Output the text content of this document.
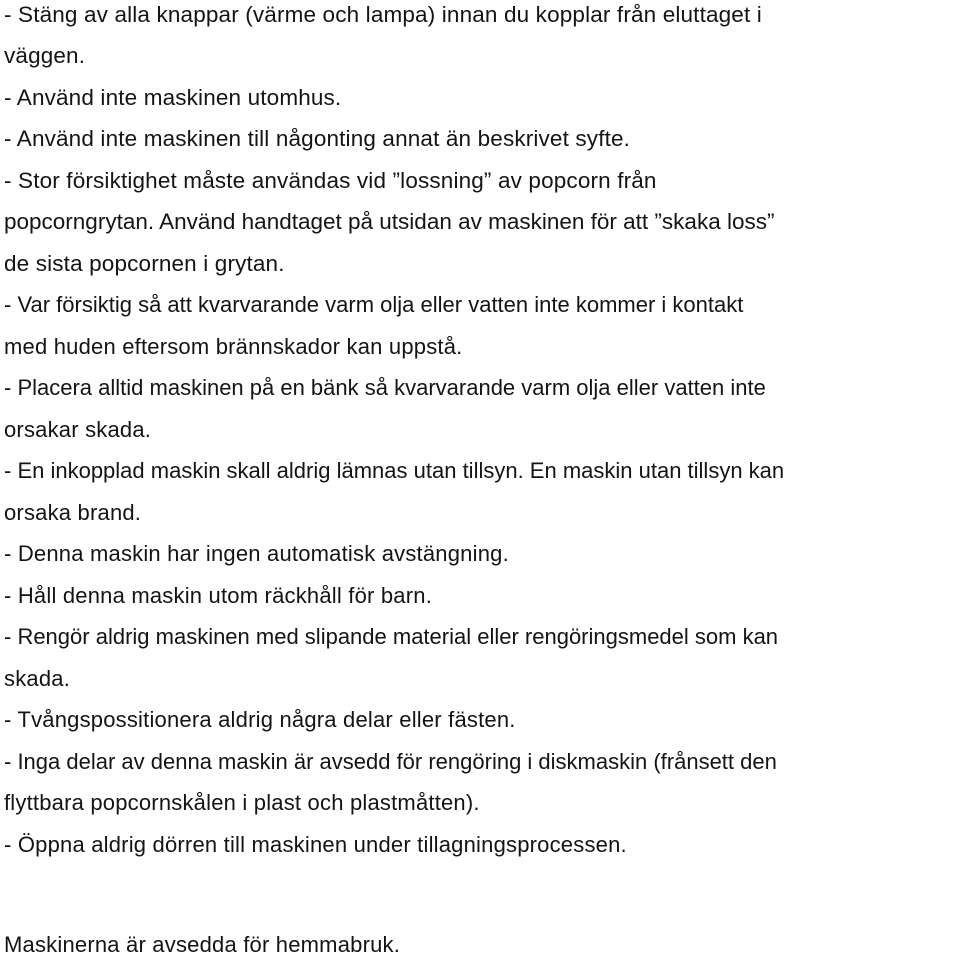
- Stäng av alla knappar (värme och lampa) innan du kopplar från eluttaget i

väggen.

- Använd inte maskinen utomhus.

- Använd inte maskinen till någonting annat än beskrivet syfte.

- Stor försiktighet måste användas vid ”lossning” av popcorn från

popcorngrytan. Använd handtaget på utsidan av maskinen för att ”skaka loss”

de sista popcornen i grytan.

- Var försiktig så att kvarvarande varm olja eller vatten inte kommer i kontakt

med huden eftersom brännskador kan uppstå.

- Placera alltid maskinen på en bänk så kvarvarande varm olja eller vatten inte

orsakar skada.

- En inkopplad maskin skall aldrig lämnas utan tillsyn. En maskin utan tillsyn kan

orsaka brand.

- Denna maskin har ingen automatisk avstängning.

- Håll denna maskin utom räckhåll för barn.

- Rengör aldrig maskinen med slipande material eller rengöringsmedel som kan

skada.

- Tvångspossitionera aldrig några delar eller fästen.

- Inga delar av denna maskin är avsedd för rengöring i diskmaskin (frånsett den

flyttbara popcornskålen i plast och plastmåtten).

- Öppna aldrig dörren till maskinen under tillagningsprocessen.

Maskinerna är avsedda för hemmabruk.
